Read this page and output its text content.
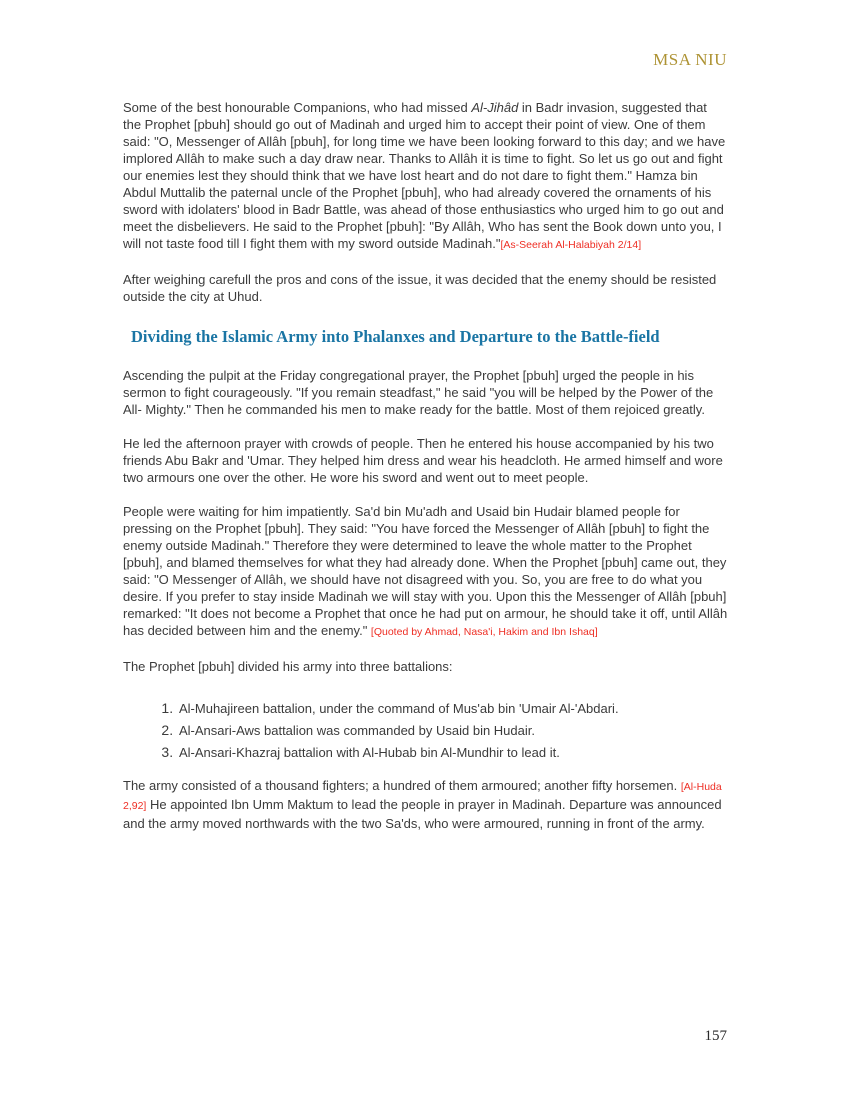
MSA NIU

Some of the best honourable Companions, who had missed Al-Jihâd in Badr invasion, suggested that the Prophet [pbuh] should go out of Madinah and urged him to accept their point of view. One of them said: "O, Messenger of Allâh [pbuh], for long time we have been looking forward to this day; and we have implored Allâh to make such a day draw near. Thanks to Allâh it is time to fight. So let us go out and fight our enemies lest they should think that we have lost heart and do not dare to fight them." Hamza bin Abdul Muttalib the paternal uncle of the Prophet [pbuh], who had already covered the ornaments of his sword with idolaters' blood in Badr Battle, was ahead of those enthusiastics who urged him to go out and meet the disbelievers. He said to the Prophet [pbuh]: "By Allâh, Who has sent the Book down unto you, I will not taste food till I fight them with my sword outside Madinah."[As-Seerah Al-Halabiyah 2/14]

After weighing carefull the pros and cons of the issue, it was decided that the enemy should be resisted outside the city at Uhud.

Dividing the Islamic Army into Phalanxes and Departure to the Battle-field

Ascending the pulpit at the Friday congregational prayer, the Prophet [pbuh] urged the people in his sermon to fight courageously. "If you remain steadfast," he said "you will be helped by the Power of the All- Mighty." Then he commanded his men to make ready for the battle. Most of them rejoiced greatly.

He led the afternoon prayer with crowds of people. Then he entered his house accompanied by his two friends Abu Bakr and 'Umar. They helped him dress and wear his headcloth. He armed himself and wore two armours one over the other. He wore his sword and went out to meet people.

People were waiting for him impatiently. Sa'd bin Mu'adh and Usaid bin Hudair blamed people for pressing on the Prophet [pbuh]. They said: "You have forced the Messenger of Allâh [pbuh] to fight the enemy outside Madinah." Therefore they were determined to leave the whole matter to the Prophet [pbuh], and blamed themselves for what they had already done. When the Prophet [pbuh] came out, they said: "O Messenger of Allâh, we should have not disagreed with you. So, you are free to do what you desire. If you prefer to stay inside Madinah we will stay with you. Upon this the Messenger of Allâh [pbuh] remarked: "It does not become a Prophet that once he had put on armour, he should take it off, until Allâh has decided between him and the enemy." [Quoted by Ahmad, Nasa'i, Hakim and Ibn Ishaq]

The Prophet [pbuh] divided his army into three battalions:

1. Al-Muhajireen battalion, under the command of Mus'ab bin 'Umair Al-'Abdari.
2. Al-Ansari-Aws battalion was commanded by Usaid bin Hudair.
3. Al-Ansari-Khazraj battalion with Al-Hubab bin Al-Mundhir to lead it.

The army consisted of a thousand fighters; a hundred of them armoured; another fifty horsemen. [Al-Huda 2,92] He appointed Ibn Umm Maktum to lead the people in prayer in Madinah. Departure was announced and the army moved northwards with the two Sa'ds, who were armoured, running in front of the army.

157
